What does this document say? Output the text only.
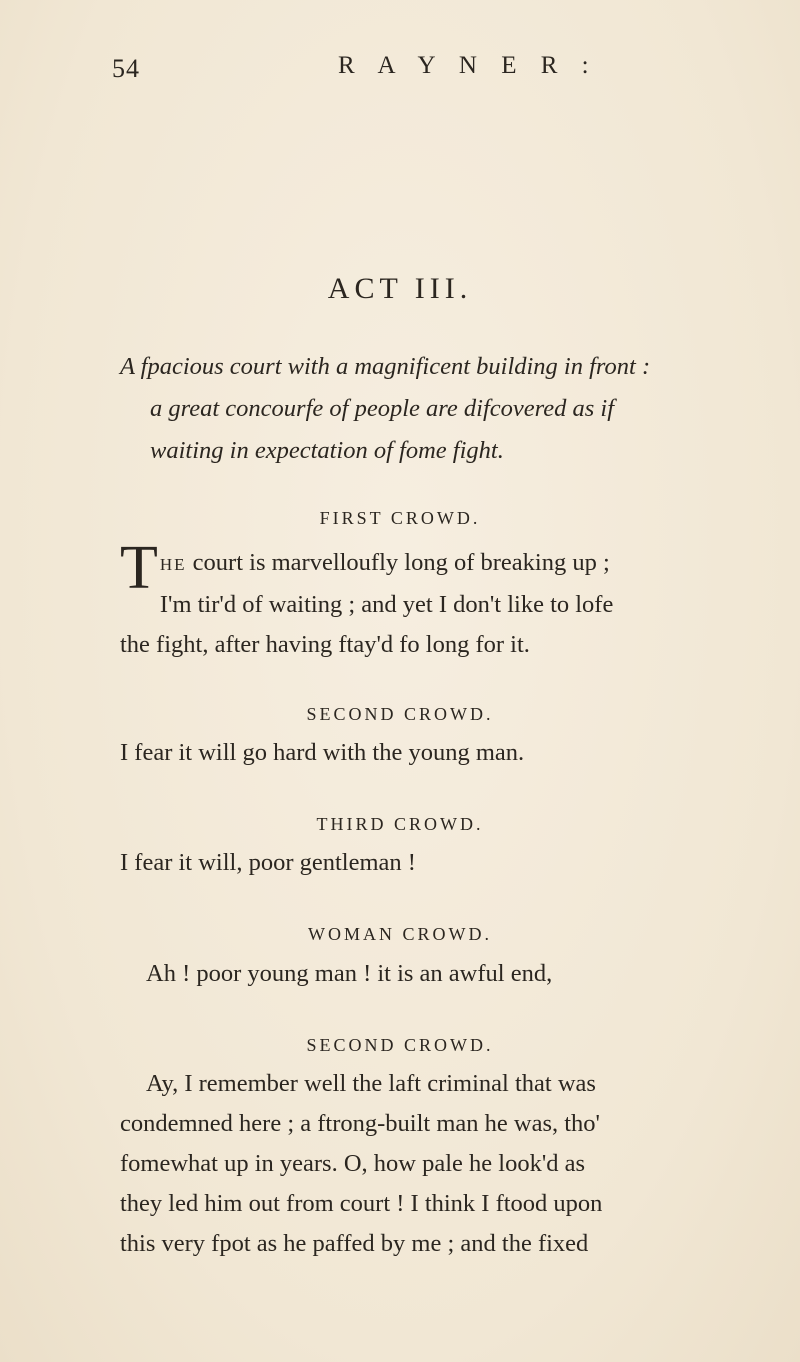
54	R A Y N E R :
ACT III.

A fpacious court with a magnificent building in front :
a great concourfe of people are difcovered as if
waiting in expectation of fome fight.

FIRST CROWD.

T HE court is marvelloufly long of breaking up ;
I'm tir'd of waiting ; and yet I don't like to lofe
the fight, after having ftay'd fo long for it.

SECOND CROWD.

I fear it will go hard with the young man.

THIRD CROWD.

I fear it will, poor gentleman !

WOMAN CROWD.

Ah ! poor young man ! it is an awful end,

SECOND CROWD.

Ay, I remember well the laft criminal that was
condemned here ; a ftrong-built man he was, tho'
fomewhat up in years. O, how pale he look'd as
they led him out from court ! I think I ftood upon
this very fpot as he paffed by me ; and the fixed
